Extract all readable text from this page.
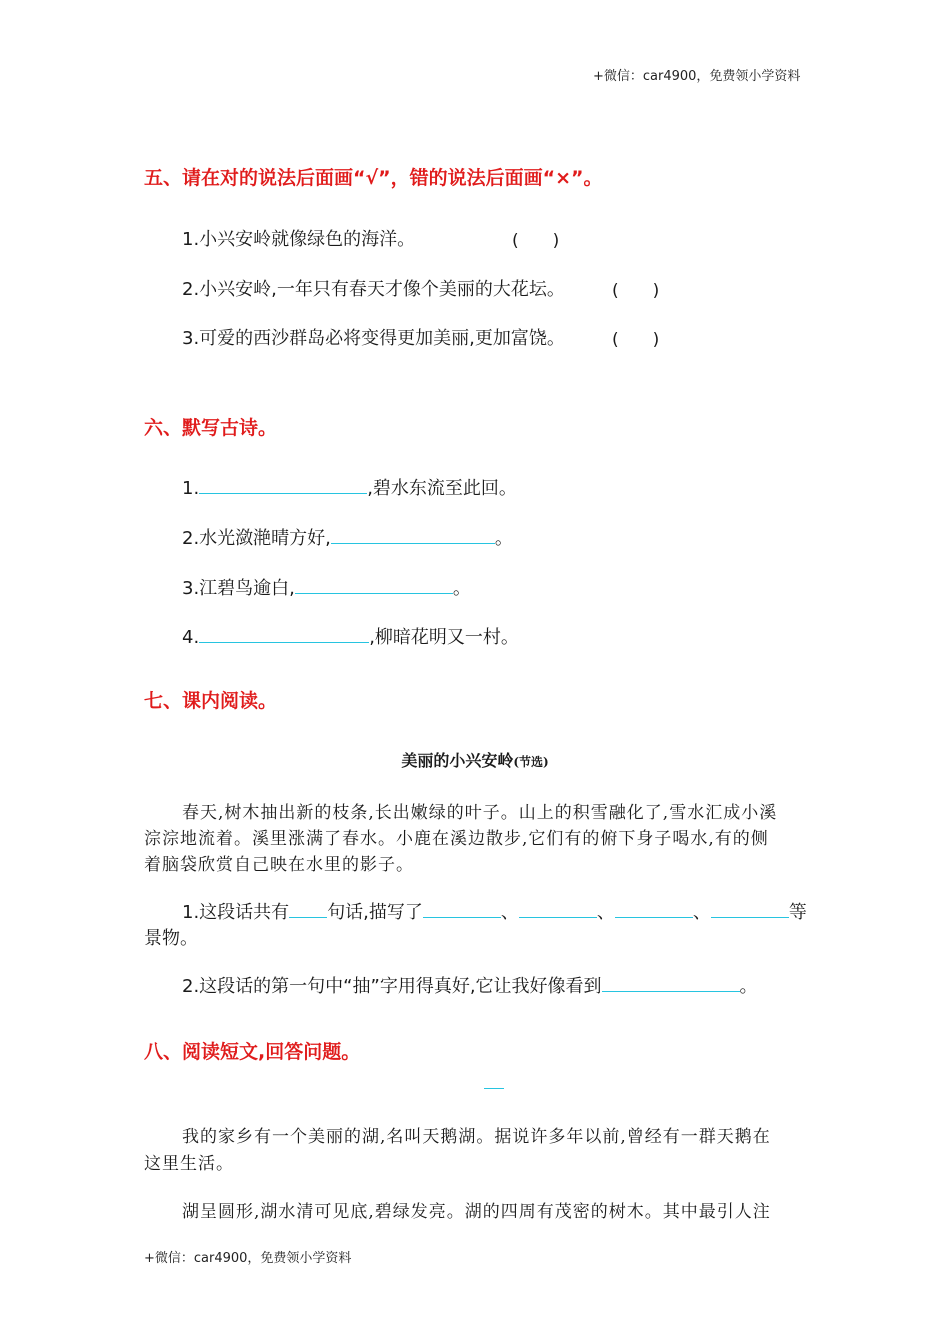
+微信：car4900，免费领小学资料
+微信：car4900，免费领小学资料
五、请在对的说法后面画“√”，错的说法后面画“×”。
1.小兴安岭就像绿色的海洋。	(　　)
2.小兴安岭,一年只有春天才像个美丽的大花坛。	(　　)
3.可爱的西沙群岛必将变得更加美丽,更加富饶。	(　　)
六、默写古诗。
1.	,碧水东流至此回。
2.水光潋滟晴方好,	。
3.江碧鸟逾白,	。
4.	,柳暗花明又一村。
七、课内阅读。
美丽的小兴安岭(节选)
春天,树木抽出新的枝条,长出嫩绿的叶子。山上的积雪融化了,雪水汇成小溪
淙淙地流着。溪里涨满了春水。小鹿在溪边散步,它们有的俯下身子喝水,有的侧
着脑袋欣赏自己映在水里的影子。
1.这段话共有 句话,描写了	、	、	、	等
景物。
2.这段话的第一句中“抽”字用得真好,它让我好像看到	。
八、阅读短文,回答问题。
我的家乡有一个美丽的湖,名叫天鹅湖。据说许多年以前,曾经有一群天鹅在
这里生活。
湖呈圆形,湖水清可见底,碧绿发亮。湖的四周有茂密的树木。其中最引人注
